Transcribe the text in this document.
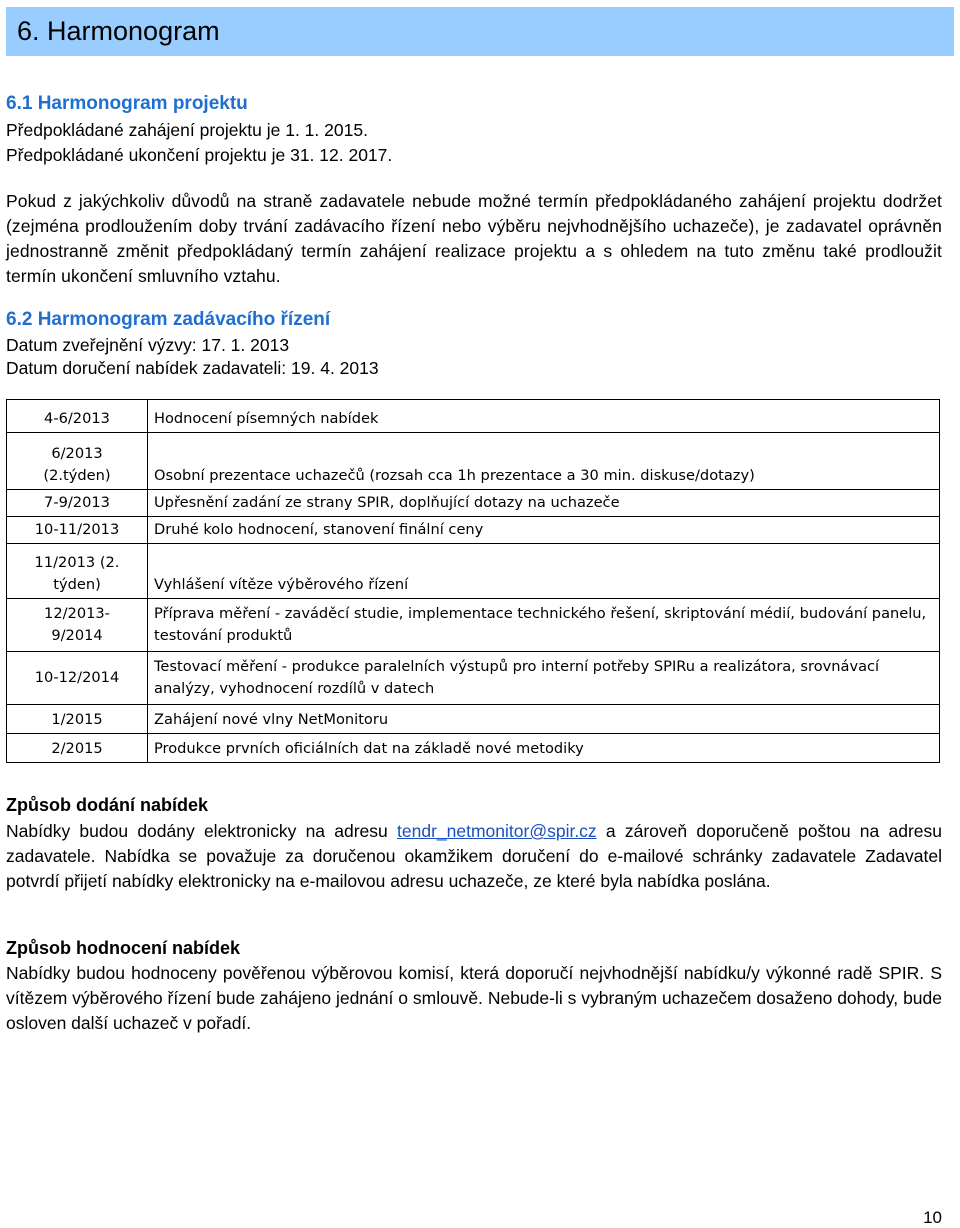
6. Harmonogram
6.1 Harmonogram projektu
Předpokládané zahájení projektu je 1. 1. 2015.
Předpokládané ukončení projektu je 31. 12. 2017.
Pokud z jakýchkoliv důvodů na straně zadavatele nebude možné termín předpokládaného zahájení projektu dodržet (zejména prodloužením doby trvání zadávacího řízení nebo výběru nejvhodnějšího uchazeče), je zadavatel oprávněn jednostranně změnit předpokládaný termín zahájení realizace projektu a s ohledem na tuto změnu také prodloužit termín ukončení smluvního vztahu.
6.2 Harmonogram zadávacího řízení
Datum zveřejnění výzvy: 17. 1. 2013
Datum doručení nabídek zadavateli: 19. 4. 2013
4-6/2013	Hodnocení písemných nabídek
6/2013 (2.týden)	Osobní prezentace uchazečů (rozsah cca 1h prezentace a 30 min. diskuse/dotazy)
7-9/2013	Upřesnění zadání ze strany SPIR, doplňující dotazy na uchazeče
10-11/2013	Druhé kolo hodnocení, stanovení finální ceny
11/2013 (2. týden)	Vyhlášení vítěze výběrového řízení
12/2013-9/2014	Příprava měření - zaváděcí studie, implementace technického řešení, skriptování médií, budování panelu, testování produktů
10-12/2014	Testovací měření - produkce paralelních výstupů pro interní potřeby SPIRu a realizátora, srovnávací analýzy, vyhodnocení rozdílů v datech
1/2015	Zahájení nové vlny NetMonitoru
2/2015	Produkce prvních oficiálních dat na základě nové metodiky
Způsob dodání nabídek
Nabídky budou dodány elektronicky na adresu tendr_netmonitor@spir.cz a zároveň doporučeně poštou na adresu zadavatele. Nabídka se považuje za doručenou okamžikem doručení do e-mailové schránky zadavatele Zadavatel potvrdí přijetí nabídky elektronicky na e-mailovou adresu uchazeče, ze které byla nabídka poslána.
Způsob hodnocení nabídek
Nabídky budou hodnoceny pověřenou výběrovou komisí, která doporučí nejvhodnější nabídku/y výkonné radě SPIR. S vítězem výběrového řízení bude zahájeno jednání o smlouvě. Nebude-li s vybraným uchazečem dosaženo dohody, bude osloven další uchazeč v pořadí.
10
